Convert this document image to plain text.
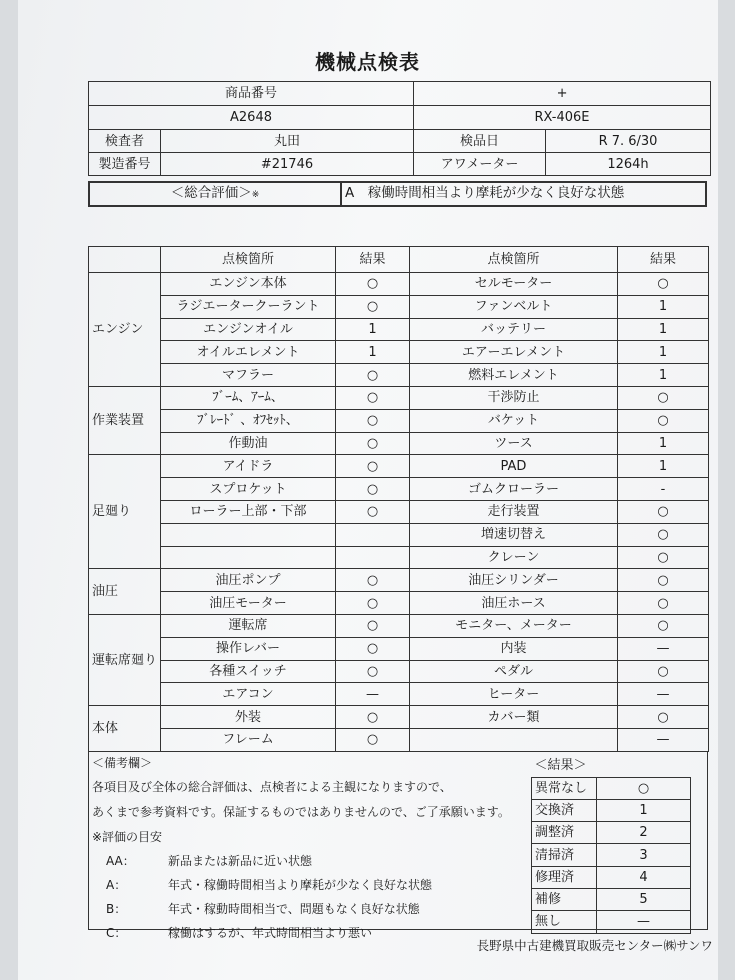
機械点検表
商品番号		+	
A2648		RX-406E	
検査者	丸田	検品日	R 7. 6/30
製造番号	#21746	アワメーター	1264h
＜総合評価＞※	A　稼働時間相当より摩耗が少なく良好な状態
	点検箇所	結果	点検箇所	結果
エンジン	エンジン本体	○	セルモーター	○
	ラジエータークーラント	○	ファンベルト	1
	エンジンオイル	1	バッテリー	1
	オイルエレメント	1	エアーエレメント	1
	マフラー	○	燃料エレメント	1
作業装置	ﾌﾞｰﾑ、ｱｰﾑ、	○	干渉防止	○
	ﾌﾞﾚｰﾄﾞ 、ｵﾌｾｯﾄ、	○	バケット	○
	作動油	○	ツース	1
足廻り	アイドラ	○	PAD	1
	スプロケット	○	ゴムクローラー	-
	ローラー上部・下部	○	走行装置	○
			増速切替え	○
			クレーン	○
油圧	油圧ポンプ	○	油圧シリンダー	○
	油圧モーター	○	油圧ホース	○
運転席廻り	運転席	○	モニター、メーター	○
	操作レバー	○	内装	—
	各種スイッチ	○	ペダル	○
	エアコン	—	ヒーター	—
本体	外装	○	カバー類	○
	フレーム	○		—

＜備考欄＞

各項目及び全体の総合評価は、点検者による主観になりますので、

あくまで参考資料です。保証するものではありませんので、ご了承願います。

※評価の目安

AA：	新品または新品に近い状態

A：	年式・稼働時間相当より摩耗が少なく良好な状態

B：	年式・稼動時間相当で、問題もなく良好な状態

C：	稼働はするが、年式時間相当より悪い

＜結果＞	
異常なし	○
交換済	1
調整済	2
清掃済	3
修理済	4
補修	5
無し	—
長野県中古建機買取販売センター㈱サンワ
